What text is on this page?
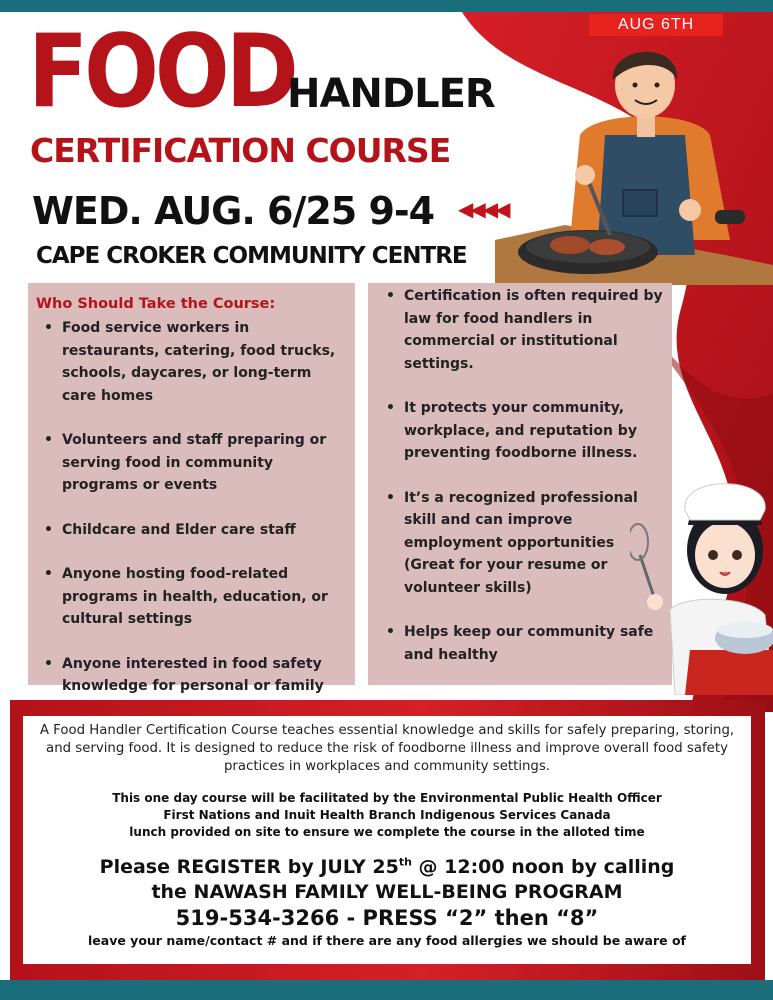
AUG 6TH
FOOD
HANDLER
CERTIFICATION COURSE
WED. AUG. 6/25 9-4 ◀◀◀◀
CAPE CROKER COMMUNITY CENTRE
Who Should Take the Course:
• Food service workers in restaurants, catering, food trucks, schools, daycares, or long-term care homes
• Volunteers and staff preparing or serving food in community programs or events
• Childcare and Elder care staff
• Anyone hosting food-related programs in health, education, or cultural settings
• Anyone interested in food safety knowledge for personal or family
• Certification is often required by law for food handlers in commercial or institutional settings.
• It protects your community, workplace, and reputation by preventing foodborne illness.
• It’s a recognized professional skill and can improve employment opportunities (Great for your resume or volunteer skills)
• Helps keep our community safe and healthy
A Food Handler Certification Course teaches essential knowledge and skills for safely preparing, storing, and serving food. It is designed to reduce the risk of foodborne illness and improve overall food safety practices in workplaces and community settings.
This one day course will be facilitated by the Environmental Public Health Officer
First Nations and Inuit Health Branch Indigenous Services Canada
lunch provided on site to ensure we complete the course in the alloted time
Please REGISTER by JULY 25th @ 12:00 noon by calling
the NAWASH FAMILY WELL-BEING PROGRAM
519-534-3266 - PRESS “2” then “8”
leave your name/contact # and if there are any food allergies we should be aware of
